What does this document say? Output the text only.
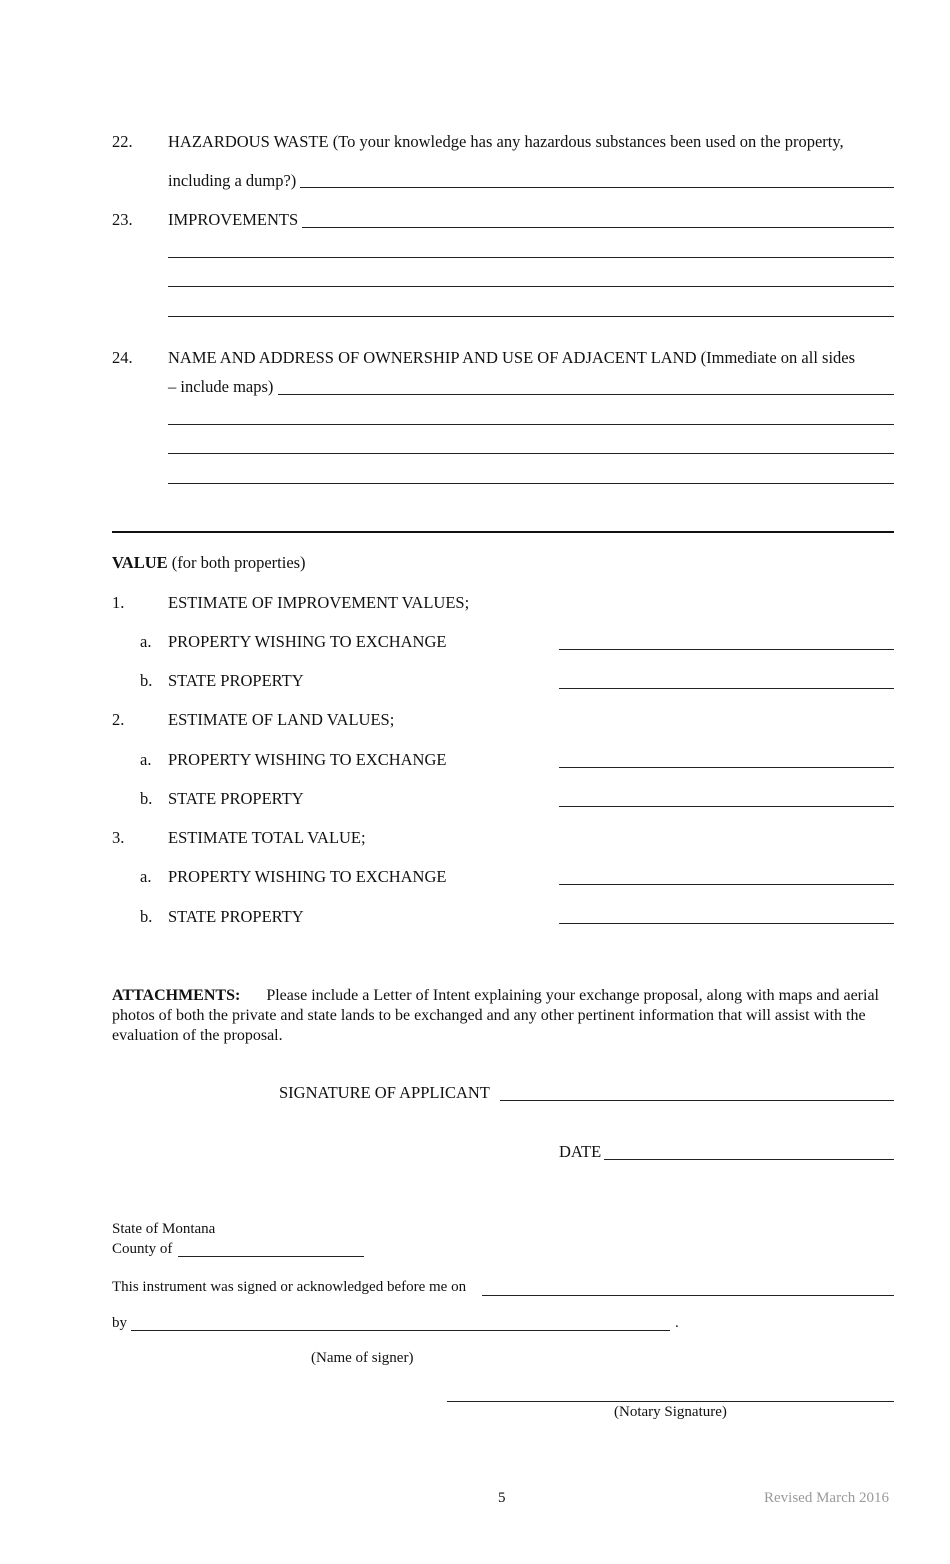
22. HAZARDOUS WASTE (To your knowledge has any hazardous substances been used on the property,
including a dump?)
23. IMPROVEMENTS
24. NAME AND ADDRESS OF OWNERSHIP AND USE OF ADJACENT LAND (Immediate on all sides
– include maps)
VALUE (for both properties)
1.	ESTIMATE OF IMPROVEMENT VALUES;
a. PROPERTY WISHING TO EXCHANGE
b. STATE PROPERTY
2.	ESTIMATE OF LAND VALUES;
a. PROPERTY WISHING TO EXCHANGE
b. STATE PROPERTY
3.	ESTIMATE TOTAL VALUE;
a. PROPERTY WISHING TO EXCHANGE
b. STATE PROPERTY
ATTACHMENTS: Please include a Letter of Intent explaining your exchange proposal, along with maps and aerial photos of both the private and state lands to be exchanged and any other pertinent information that will assist with the evaluation of the proposal.
SIGNATURE OF APPLICANT
DATE
State of Montana
County of
This instrument was signed or acknowledged before me on
by	.
(Name of signer)
(Notary Signature)
5	Revised March 2016
